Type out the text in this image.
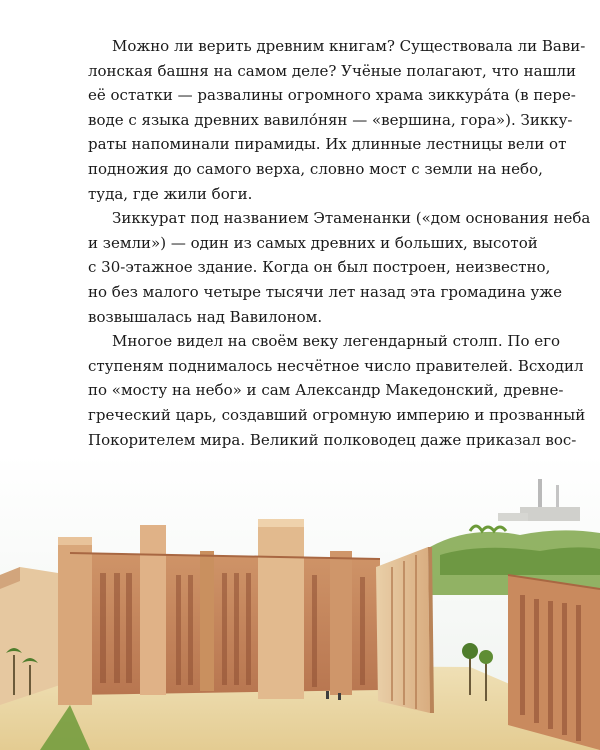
Можно ли верить древним книгам? Существовала ли Вави-
лонская башня на самом деле? Учёные полагают, что нашли
её остатки — развалины огромного храма зиккура́та (в пере-
воде с языка древних вавило́нян — «вершина, гора»). Зикку-
раты напоминали пирамиды. Их длинные лестницы вели от
подножия до самого верха, словно мост с земли на небо,
туда, где жили боги.

Зиккурат под названием Этаменанки («дом основания неба
и земли») — один из самых древних и больших, высотой
с 30-этажное здание. Когда он был построен, неизвестно,
но без малого четыре тысячи лет назад эта громадина уже
возвышалась над Вавилоном.

Многое видел на своём веку легендарный столп. По его
ступеням поднималось несчётное число правителей. Всходил
по «мосту на небо» и сам Александр Македонский, древне-
греческий царь, создавший огромную империю и прозванный
Покорителем мира. Великий полководец даже приказал вос-
